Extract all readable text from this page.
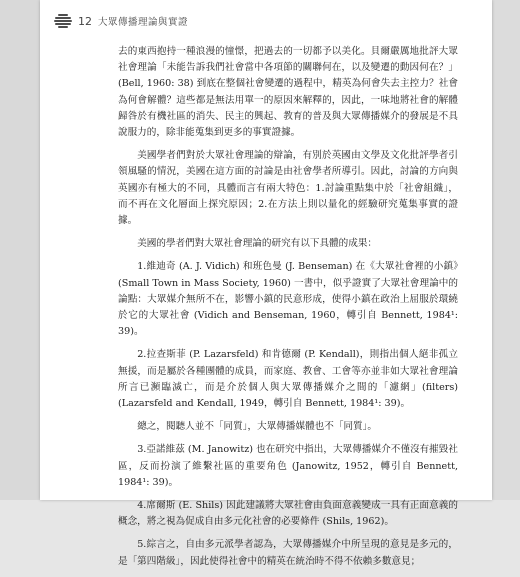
12 大眾傳播理論與實證

去的東西抱持一種浪漫的憧憬，把過去的一切都予以美化。貝爾嚴厲地批評大眾社會理論「未能告訴我們社會當中各項節的關聯何在，以及變遷的動因何在？」(Bell, 1960: 38) 到底在整個社會變遷的過程中，精英為何會失去主控力？社會為何會解體？這些都是無法用單一的原因來解釋的，因此，一味地將社會的解體歸咎於有機社區的消失、民主的興起、教育的普及與大眾傳播媒介的發展是不具說服力的，除非能蒐集到更多的事實證據。

美國學者們對於大眾社會理論的辯論，有別於英國由文學及文化批評學者引領風騷的情況，美國在這方面的討論是由社會學者所導引。因此，討論的方向與英國亦有極大的不同，具體而言有兩大特色：1.討論重點集中於「社會組織」，而不再在文化層面上探究原因；2.在方法上則以量化的經驗研究蒐集事實的證據。

美國的學者們對大眾社會理論的研究有以下具體的成果：

1.維迪奇 (A. J. Vidich) 和班色曼 (J. Benseman) 在《大眾社會裡的小鎮》(Small Town in Mass Society, 1960) 一書中，似乎證實了大眾社會理論中的論點：大眾媒介無所不在，影響小鎮的民意形成，使得小鎮在政治上屈服於環繞於它的大眾社會 (Vidich and Benseman, 1960，轉引自 Bennett, 1984¹: 39)。

2.拉查斯菲 (P. Lazarsfeld) 和肯德爾 (P. Kendall)，則指出個人絕非孤立無援，而是屬於各種團體的成員，而家庭、教會、工會等亦並非如大眾社會理論所言已瀕臨滅亡，而是介於個人與大眾傳播媒介之間的「濾網」(filters) (Lazarsfeld and Kendall, 1949，轉引自 Bennett, 1984¹: 39)。

總之，閱聽人並不「同質」，大眾傳播媒體也不「同質」。

3.亞諾維茲 (M. Janowitz) 也在研究中指出，大眾傳播媒介不僅沒有摧毀社區，反而扮演了維繫社區的重要角色 (Janowitz, 1952，轉引自 Bennett, 1984¹: 39)。

4.席爾斯 (E. Shils) 因此建議將大眾社會由負面意義變成一具有正面意義的概念，將之視為促成自由多元化社會的必要條件 (Shils, 1962)。

5.綜言之，自由多元派學者認為，大眾傳播媒介中所呈現的意見是多元的，是「第四階級」，因此使得社會中的精英在統治時不得不依賴多數意見；
